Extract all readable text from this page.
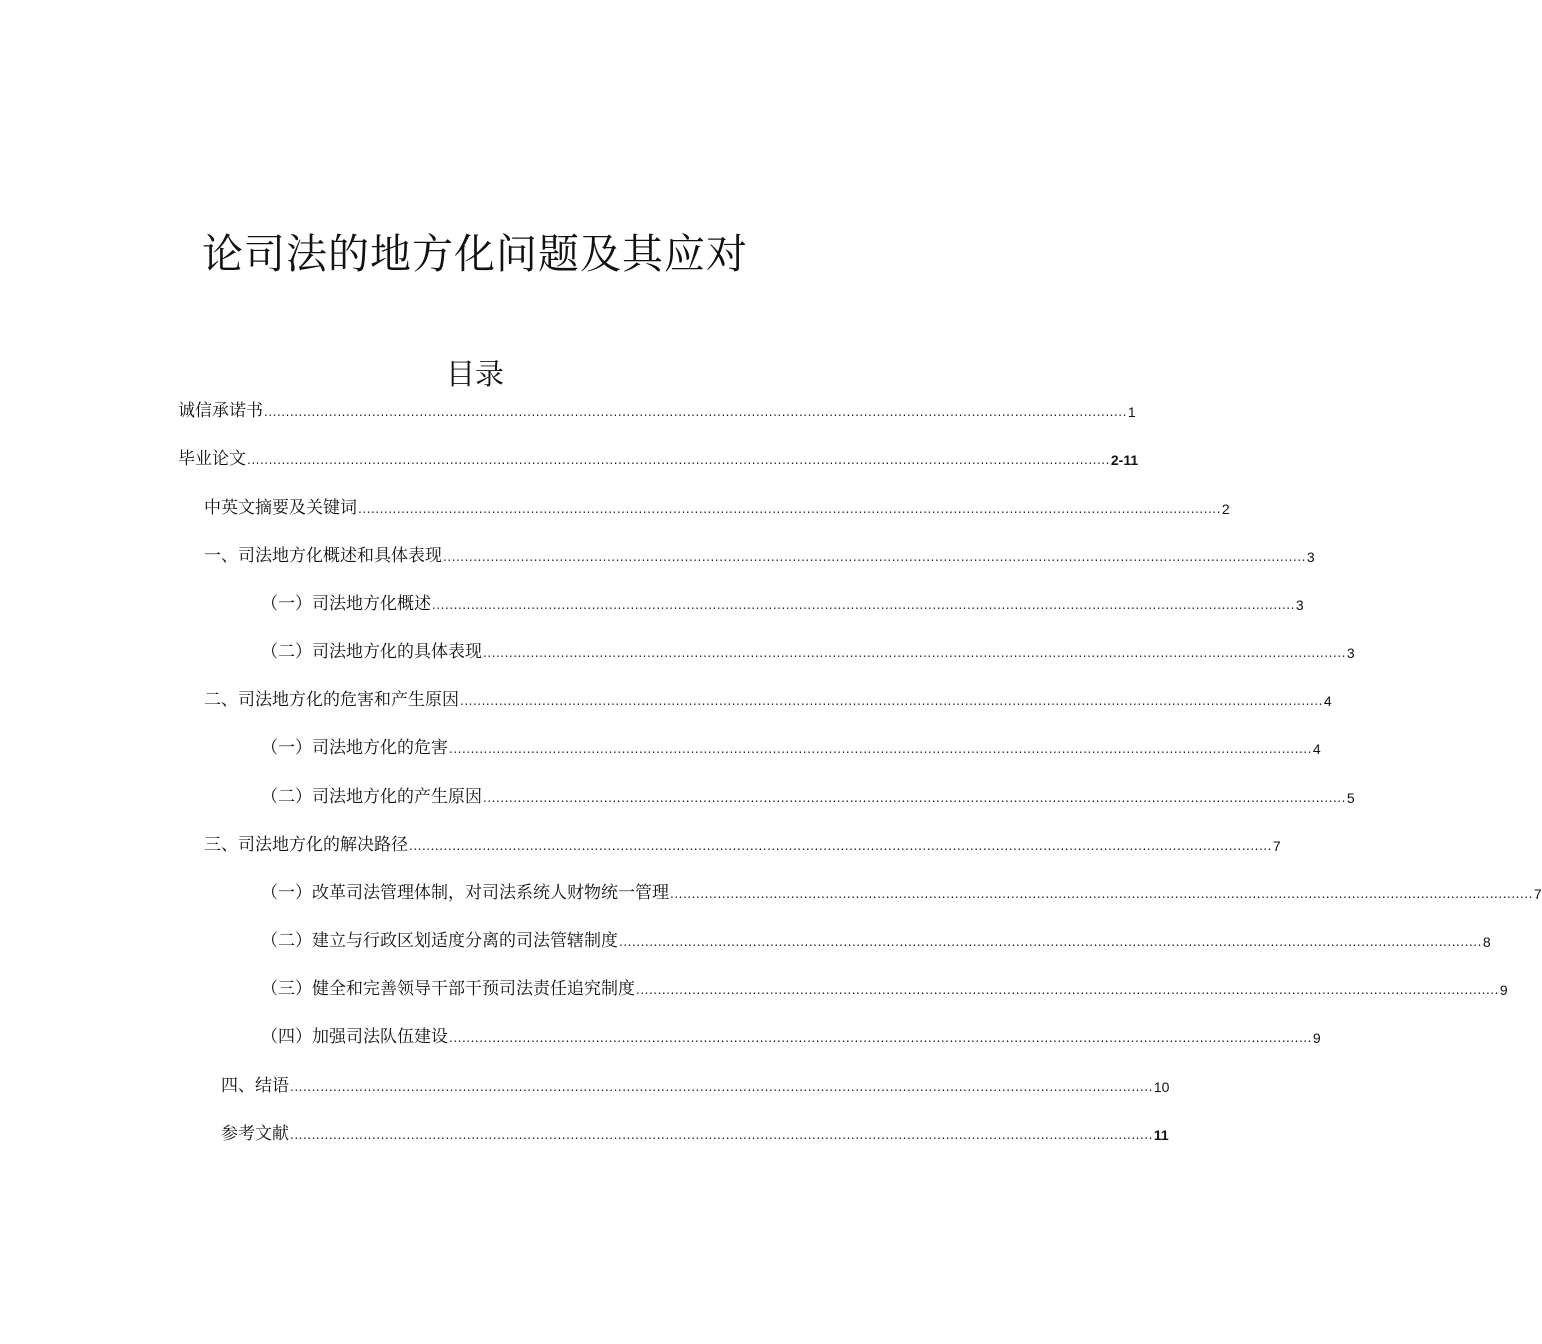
论司法的地方化问题及其应对
目录
诚信承诺书 ........................................................................................................................................................................................................ 1
毕业论文 ........................................................................................................................................................................................................ 2-11
中英文摘要及关键词 ........................................................................................................................................................................................................ 2
一、司法地方化概述和具体表现 ........................................................................................................................................................................................................ 3
（一）司法地方化概述 ........................................................................................................................................................................................................ 3
（二）司法地方化的具体表现 ........................................................................................................................................................................................................ 3
二、司法地方化的危害和产生原因 ........................................................................................................................................................................................................ 4
（一）司法地方化的危害 ........................................................................................................................................................................................................ 4
（二）司法地方化的产生原因 ........................................................................................................................................................................................................ 5
三、司法地方化的解决路径 ........................................................................................................................................................................................................ 7
（一）改革司法管理体制，对司法系统人财物统一管理 ........................................................................................................................................................................................................ 7
（二）建立与行政区划适度分离的司法管辖制度 ........................................................................................................................................................................................................ 8
（三）健全和完善领导干部干预司法责任追究制度 ........................................................................................................................................................................................................ 9
（四）加强司法队伍建设 ........................................................................................................................................................................................................ 9
四、结语 ........................................................................................................................................................................................................ 10
参考文献 ........................................................................................................................................................................................................ 11
